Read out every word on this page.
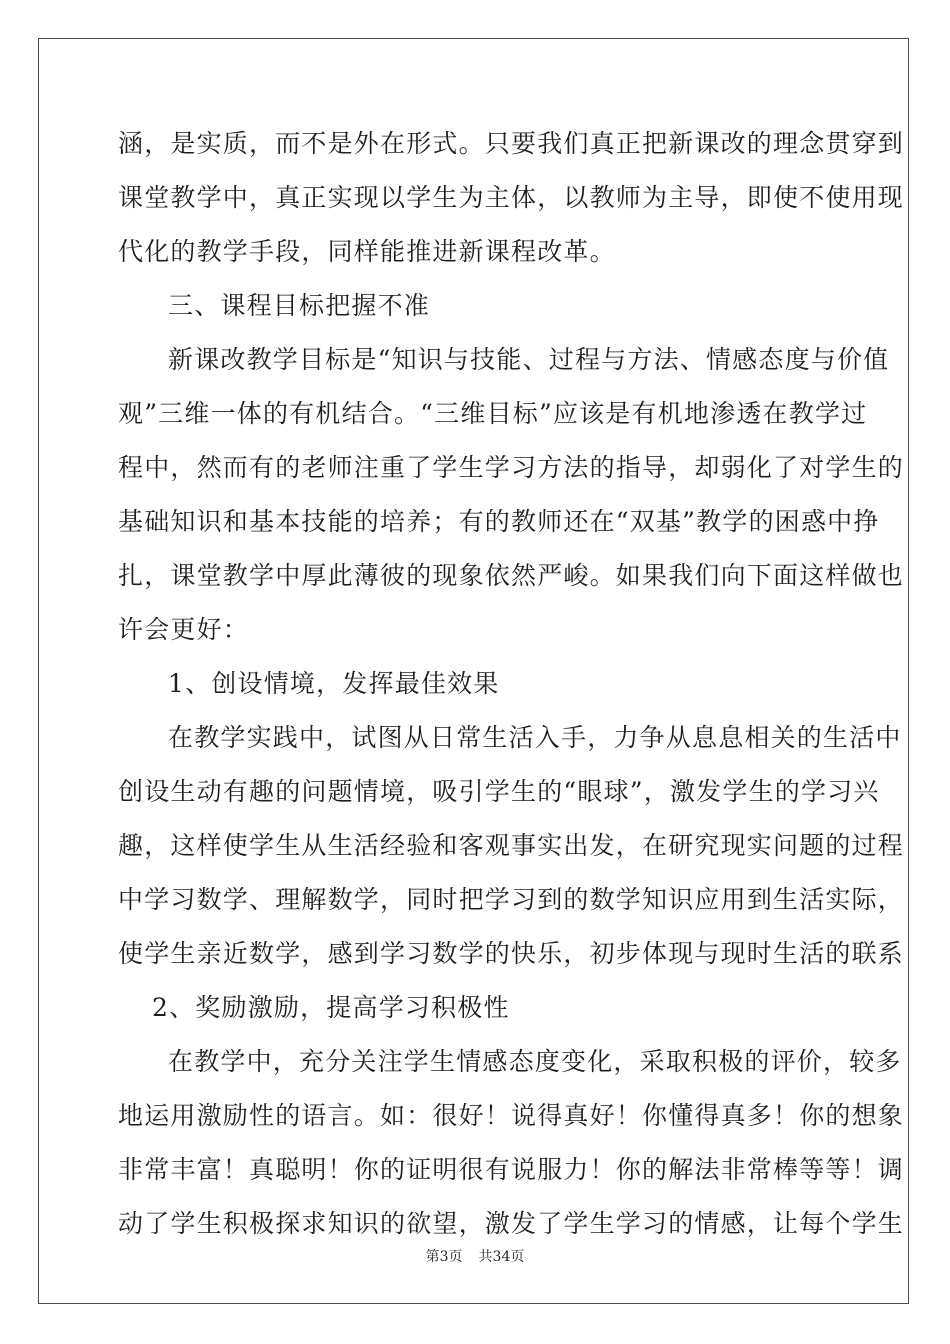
涵，是实质，而不是外在形式。只要我们真正把新课改的理念贯穿到
课堂教学中，真正实现以学生为主体，以教师为主导，即使不使用现
代化的教学手段，同样能推进新课程改革。
三、课程目标把握不准
新课改教学目标是“知识与技能、过程与方法、情感态度与价值
观”三维一体的有机结合。“三维目标”应该是有机地渗透在教学过
程中，然而有的老师注重了学生学习方法的指导，却弱化了对学生的
基础知识和基本技能的培养；有的教师还在“双基”教学的困惑中挣
扎，课堂教学中厚此薄彼的现象依然严峻。如果我们向下面这样做也
许会更好：
1、创设情境，发挥最佳效果
在教学实践中，试图从日常生活入手，力争从息息相关的生活中
创设生动有趣的问题情境，吸引学生的“眼球”，激发学生的学习兴
趣，这样使学生从生活经验和客观事实出发，在研究现实问题的过程
中学习数学、理解数学，同时把学习到的数学知识应用到生活实际，
使学生亲近数学，感到学习数学的快乐，初步体现与现时生活的联系
2、奖励激励，提高学习积极性
在教学中，充分关注学生情感态度变化，采取积极的评价，较多
地运用激励性的语言。如：很好！说得真好！你懂得真多！你的想象
非常丰富！真聪明！你的证明很有说服力！你的解法非常棒等等！调
动了学生积极探求知识的欲望，激发了学生学习的情感，让每个学生
第3页 共34页
